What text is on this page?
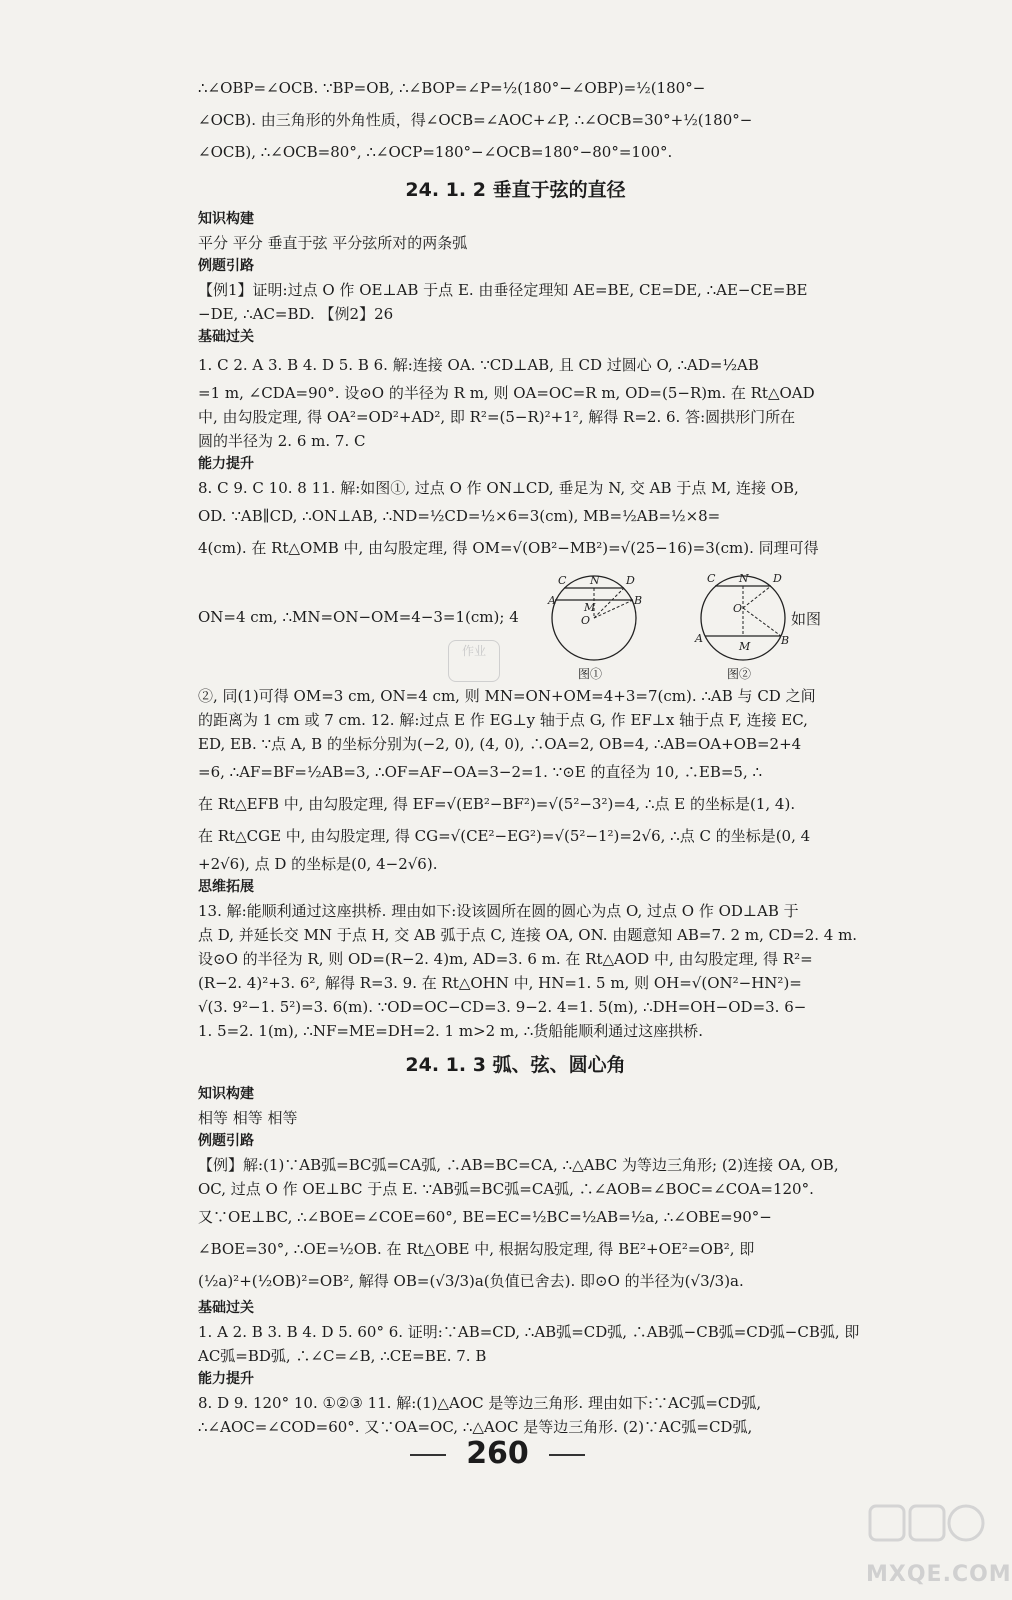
∴∠OBP=∠OCB. ∵BP=OB, ∴∠BOP=∠P=½(180°−∠OBP)=½(180°−
∠OCB). 由三角形的外角性质，得∠OCB=∠AOC+∠P, ∴∠OCB=30°+½(180°−
∠OCB), ∴∠OCB=80°, ∴∠OCP=180°−∠OCB=180°−80°=100°.
24. 1. 2 垂直于弦的直径
知识构建
平分 平分 垂直于弦 平分弦所对的两条弧
例题引路
【例1】证明:过点 O 作 OE⊥AB 于点 E. 由垂径定理知 AE=BE, CE=DE, ∴AE−CE=BE
−DE, ∴AC=BD. 【例2】26
基础过关
1. C 2. A 3. B 4. D 5. B 6. 解:连接 OA. ∵CD⊥AB, 且 CD 过圆心 O, ∴AD=½AB
=1 m, ∠CDA=90°. 设⊙O 的半径为 R m, 则 OA=OC=R m, OD=(5−R)m. 在 Rt△OAD
中, 由勾股定理, 得 OA²=OD²+AD², 即 R²=(5−R)²+1², 解得 R=2. 6. 答:圆拱形门所在
圆的半径为 2. 6 m. 7. C
能力提升
8. C 9. C 10. 8 11. 解:如图①, 过点 O 作 ON⊥CD, 垂足为 N, 交 AB 于点 M, 连接 OB,
OD. ∵AB∥CD, ∴ON⊥AB, ∴ND=½CD=½×6=3(cm), MB=½AB=½×8=
4(cm). 在 Rt△OMB 中, 由勾股定理, 得 OM=√(OB²−MB²)=√(25−16)=3(cm). 同理可得
ON=4 cm, ∴MN=ON−OM=4−3=1(cm); 4
C N D
A	B
M
O
图①
C N D
O
A
M	B
图②
如图
②, 同(1)可得 OM=3 cm, ON=4 cm, 则 MN=ON+OM=4+3=7(cm). ∴AB 与 CD 之间
的距离为 1 cm 或 7 cm. 12. 解:过点 E 作 EG⊥y 轴于点 G, 作 EF⊥x 轴于点 F, 连接 EC,
ED, EB. ∵点 A, B 的坐标分别为(−2, 0), (4, 0), ∴OA=2, OB=4, ∴AB=OA+OB=2+4
=6, ∴AF=BF=½AB=3, ∴OF=AF−OA=3−2=1. ∵⊙E 的直径为 10, ∴EB=5, ∴
在 Rt△EFB 中, 由勾股定理, 得 EF=√(EB²−BF²)=√(5²−3²)=4, ∴点 E 的坐标是(1, 4).
在 Rt△CGE 中, 由勾股定理, 得 CG=√(CE²−EG²)=√(5²−1²)=2√6, ∴点 C 的坐标是(0, 4
+2√6), 点 D 的坐标是(0, 4−2√6).
思维拓展
13. 解:能顺利通过这座拱桥. 理由如下:设该圆所在圆的圆心为点 O, 过点 O 作 OD⊥AB 于
点 D, 并延长交 MN 于点 H, 交 AB 弧于点 C, 连接 OA, ON. 由题意知 AB=7. 2 m, CD=2. 4 m.
设⊙O 的半径为 R, 则 OD=(R−2. 4)m, AD=3. 6 m. 在 Rt△AOD 中, 由勾股定理, 得 R²=
(R−2. 4)²+3. 6², 解得 R=3. 9. 在 Rt△OHN 中, HN=1. 5 m, 则 OH=√(ON²−HN²)=
√(3. 9²−1. 5²)=3. 6(m). ∵OD=OC−CD=3. 9−2. 4=1. 5(m), ∴DH=OH−OD=3. 6−
1. 5=2. 1(m), ∴NF=ME=DH=2. 1 m>2 m, ∴货船能顺利通过这座拱桥.
24. 1. 3 弧、弦、圆心角
知识构建
相等 相等 相等
例题引路
【例】解:(1)∵AB弧=BC弧=CA弧, ∴AB=BC=CA, ∴△ABC 为等边三角形; (2)连接 OA, OB,
OC, 过点 O 作 OE⊥BC 于点 E. ∵AB弧=BC弧=CA弧, ∴∠AOB=∠BOC=∠COA=120°.
又∵OE⊥BC, ∴∠BOE=∠COE=60°, BE=EC=½BC=½AB=½a, ∴∠OBE=90°−
∠BOE=30°, ∴OE=½OB. 在 Rt△OBE 中, 根据勾股定理, 得 BE²+OE²=OB², 即
(½a)²+(½OB)²=OB², 解得 OB=(√3/3)a(负值已舍去). 即⊙O 的半径为(√3/3)a.
基础过关
1. A 2. B 3. B 4. D 5. 60° 6. 证明:∵AB=CD, ∴AB弧=CD弧, ∴AB弧−CB弧=CD弧−CB弧, 即
AC弧=BD弧, ∴∠C=∠B, ∴CE=BE. 7. B
能力提升
8. D 9. 120° 10. ①②③ 11. 解:(1)△AOC 是等边三角形. 理由如下:∵AC弧=CD弧,
∴∠AOC=∠COD=60°. 又∵OA=OC, ∴△AOC 是等边三角形. (2)∵AC弧=CD弧,
作业
260
MXQE.COM
